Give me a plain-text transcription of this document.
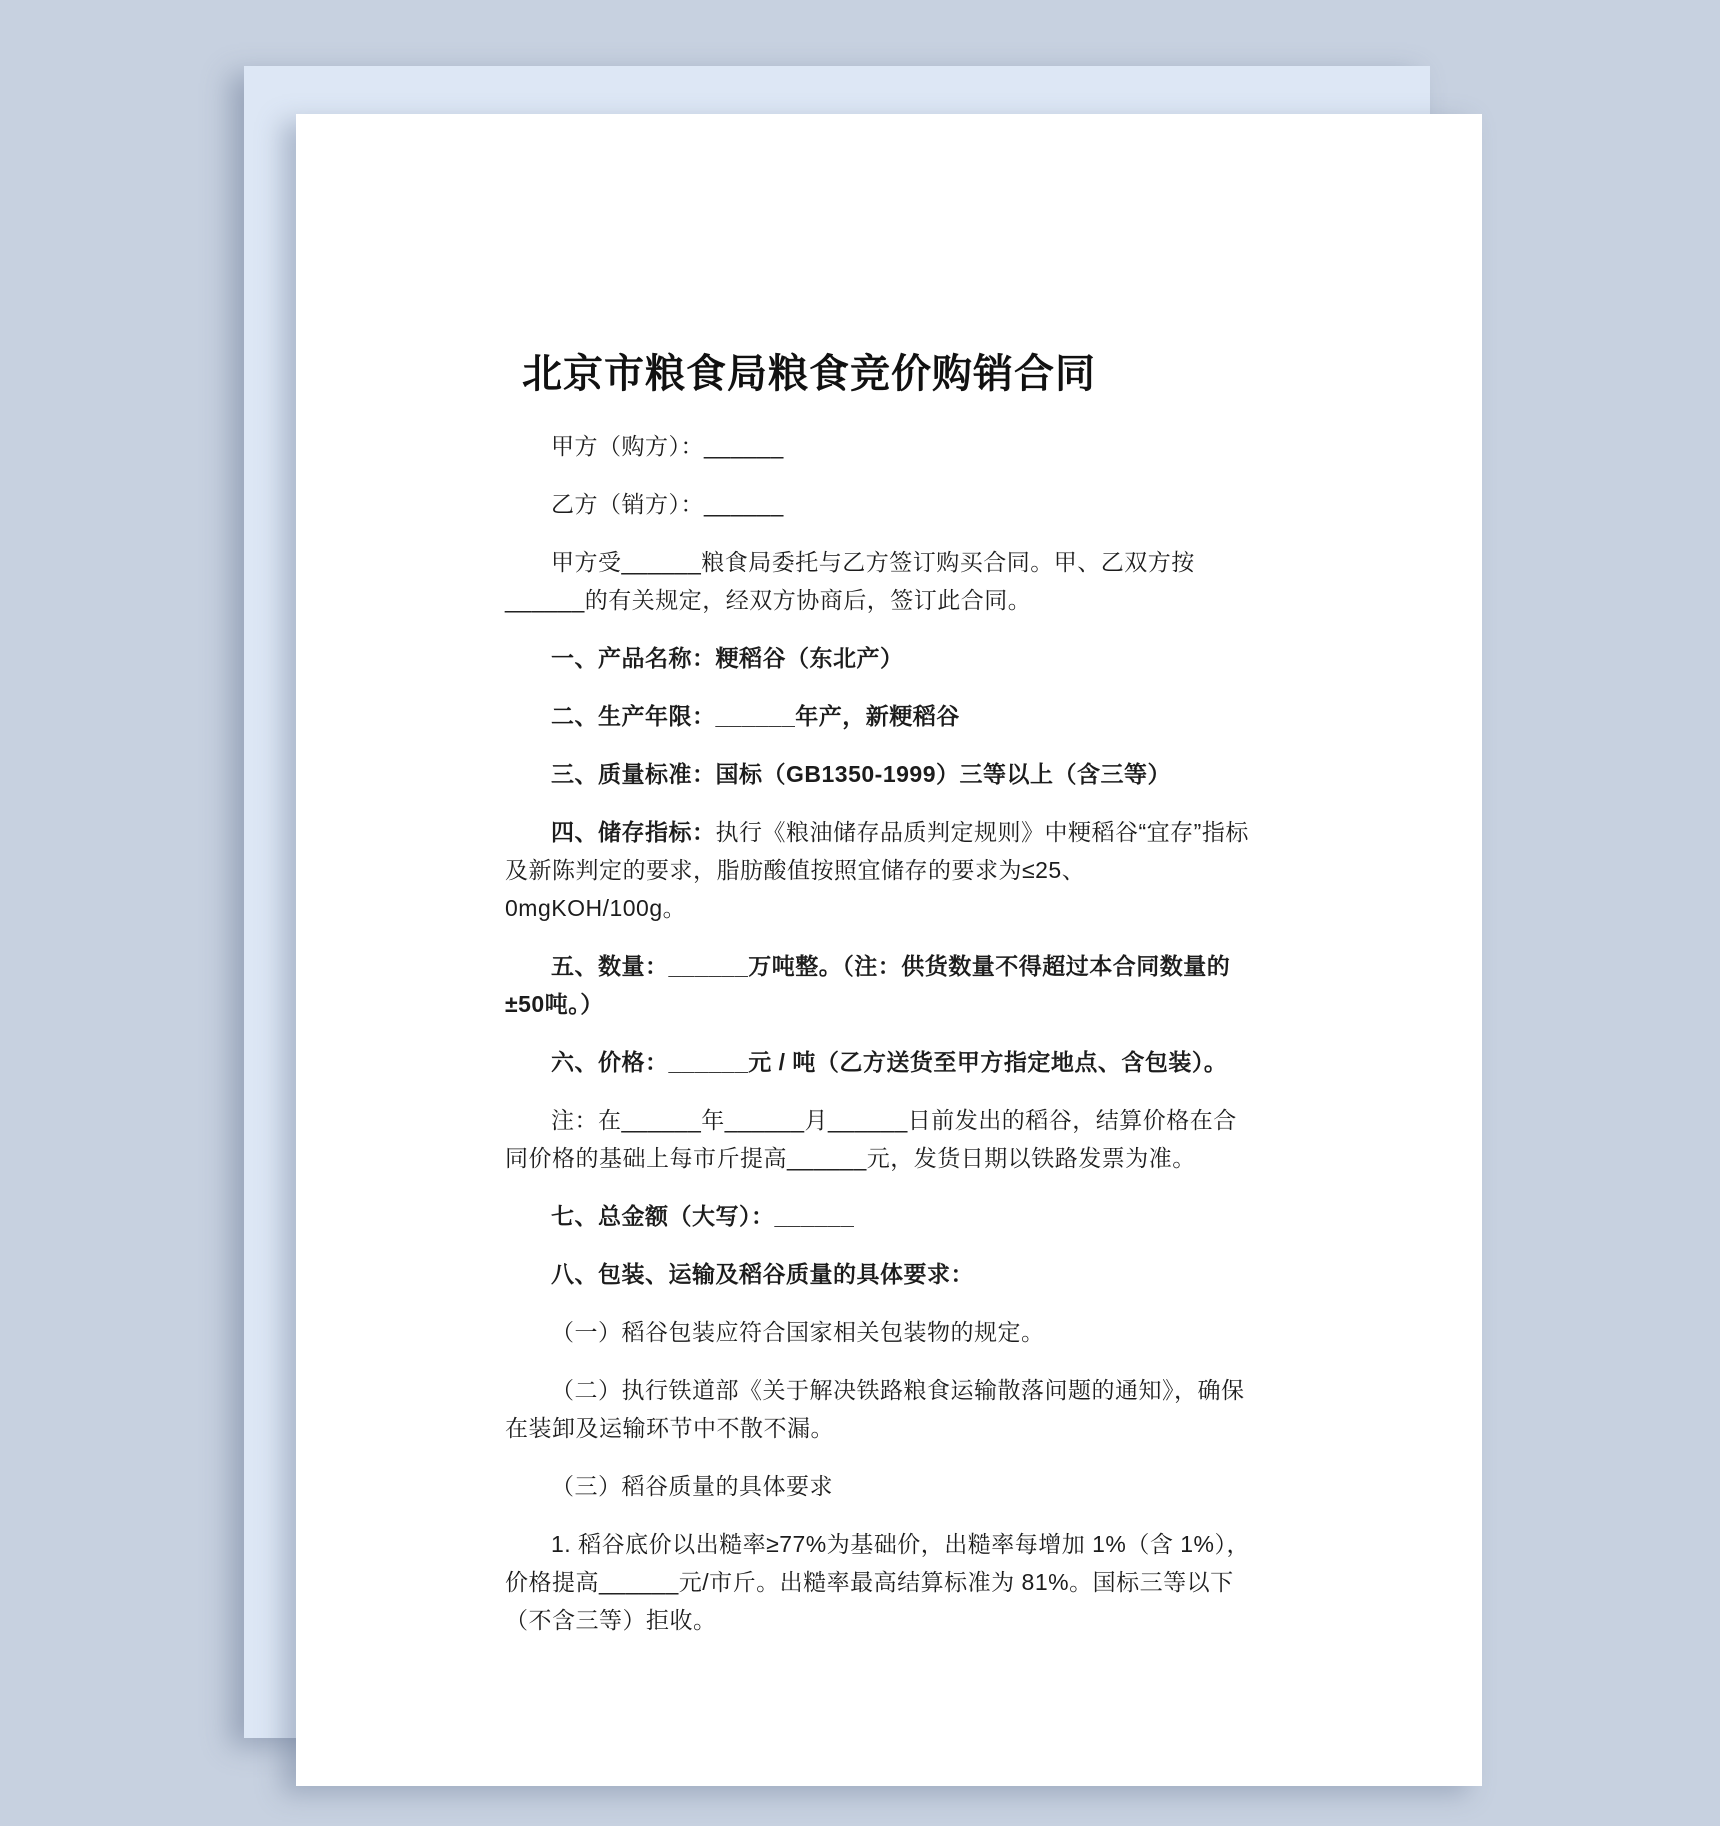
北京市粮食局粮食竞价购销合同

甲方（购方）：______

乙方（销方）：______

甲方受______粮食局委托与乙方签订购买合同。甲、乙双方按______的有关规定，经双方协商后，签订此合同。

一、产品名称：粳稻谷（东北产）

二、生产年限：______年产，新粳稻谷

三、质量标准：国标（GB1350-1999）三等以上（含三等）

四、储存指标：执行《粮油储存品质判定规则》中粳稻谷“宜存”指标及新陈判定的要求，脂肪酸值按照宜储存的要求为≤25、0mgKOH/100g。

五、数量：______万吨整。（注：供货数量不得超过本合同数量的±50吨。）

六、价格：______元 / 吨（乙方送货至甲方指定地点、含包装）。

注：在______年______月______日前发出的稻谷，结算价格在合同价格的基础上每市斤提高______元，发货日期以铁路发票为准。

七、总金额（大写）：______

八、包装、运输及稻谷质量的具体要求：

（一）稻谷包装应符合国家相关包装物的规定。

（二）执行铁道部《关于解决铁路粮食运输散落问题的通知》，确保在装卸及运输环节中不散不漏。

（三）稻谷质量的具体要求

1. 稻谷底价以出糙率≥77%为基础价，出糙率每增加 1%（含 1%），价格提高______元/市斤。出糙率最高结算标准为 81%。国标三等以下（不含三等）拒收。
